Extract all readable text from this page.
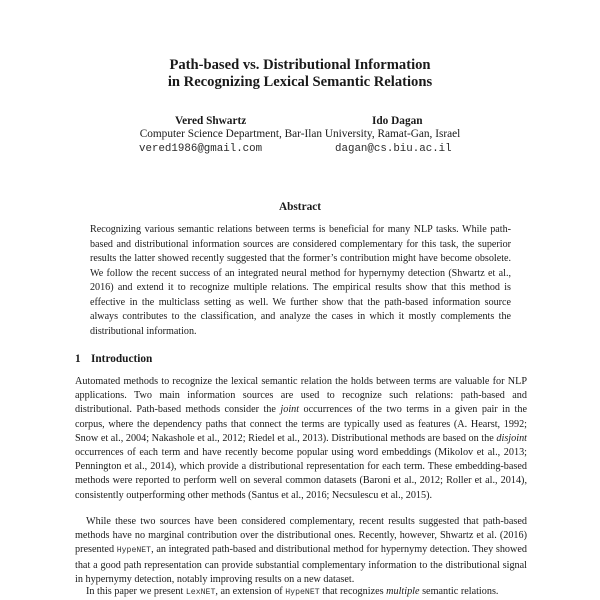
Path-based vs. Distributional Information
in Recognizing Lexical Semantic Relations
Vered Shwartz	Ido Dagan
Computer Science Department, Bar-Ilan University, Ramat-Gan, Israel
vered1986@gmail.com	dagan@cs.biu.ac.il
Abstract
Recognizing various semantic relations between terms is beneficial for many NLP tasks. While path-based and distributional information sources are considered complementary for this task, the superior results the latter showed recently suggested that the former’s contribution might have become obsolete. We follow the recent success of an integrated neural method for hypernymy detection (Shwartz et al., 2016) and extend it to recognize multiple relations. The empirical results show that this method is effective in the multiclass setting as well. We further show that the path-based information source always contributes to the classification, and analyze the cases in which it mostly complements the distributional information.
1 Introduction
Automated methods to recognize the lexical semantic relation the holds between terms are valuable for NLP applications. Two main information sources are used to recognize such relations: path-based and distributional. Path-based methods consider the joint occurrences of the two terms in a given pair in the corpus, where the dependency paths that connect the terms are typically used as features (A. Hearst, 1992; Snow et al., 2004; Nakashole et al., 2012; Riedel et al., 2013). Distributional methods are based on the disjoint occurrences of each term and have recently become popular using word embeddings (Mikolov et al., 2013; Pennington et al., 2014), which provide a distributional representation for each term. These embedding-based methods were reported to perform well on several common datasets (Baroni et al., 2012; Roller et al., 2014), consistently outperforming other methods (Santus et al., 2016; Necsulescu et al., 2015).
While these two sources have been considered complementary, recent results suggested that path-based methods have no marginal contribution over the distributional ones. Recently, however, Shwartz et al. (2016) presented HypeNET, an integrated path-based and distributional method for hypernymy detection. They showed that a good path representation can provide substantial complementary information to the distributional signal in hypernymy detection, notably improving results on a new dataset.
In this paper we present LexNET, an extension of HypeNET that recognizes multiple semantic relations.
